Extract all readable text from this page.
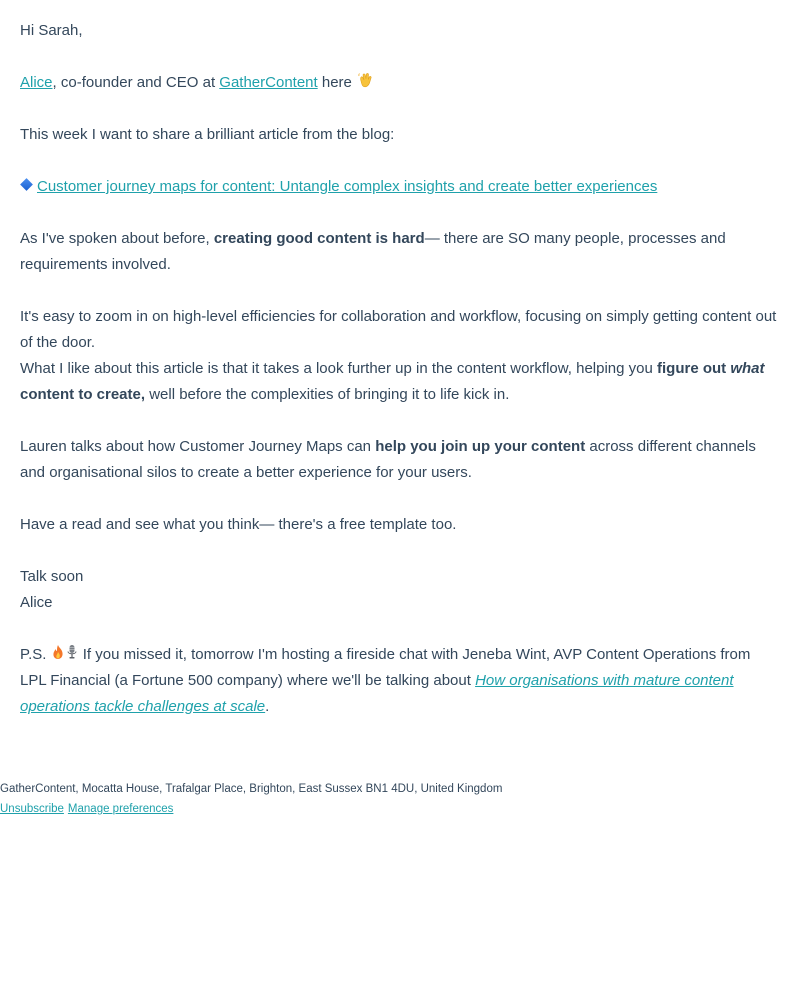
Hi Sarah,

Alice, co-founder and CEO at GatherContent here

This week I want to share a brilliant article from the blog:

Customer journey maps for content: Untangle complex insights and create better experiences

As I've spoken about before, creating good content is hard— there are SO many people, processes and requirements involved.

It's easy to zoom in on high-level efficiencies for collaboration and workflow, focusing on simply getting content out of the door.

What I like about this article is that it takes a look further up in the content workflow, helping you figure out what content to create, well before the complexities of bringing it to life kick in.

Lauren talks about how Customer Journey Maps can help you join up your content across different channels and organisational silos to create a better experience for your users.

Have a read and see what you think— there's a free template too.

Talk soon

Alice

P.S.  If you missed it, tomorrow I'm hosting a fireside chat with Jeneba Wint, AVP Content Operations from LPL Financial (a Fortune 500 company) where we'll be talking about How organisations with mature content operations tackle challenges at scale.

GatherContent, Mocatta House, Trafalgar Place, Brighton, East Sussex BN1 4DU, United Kingdom
Unsubscribe Manage preferences
